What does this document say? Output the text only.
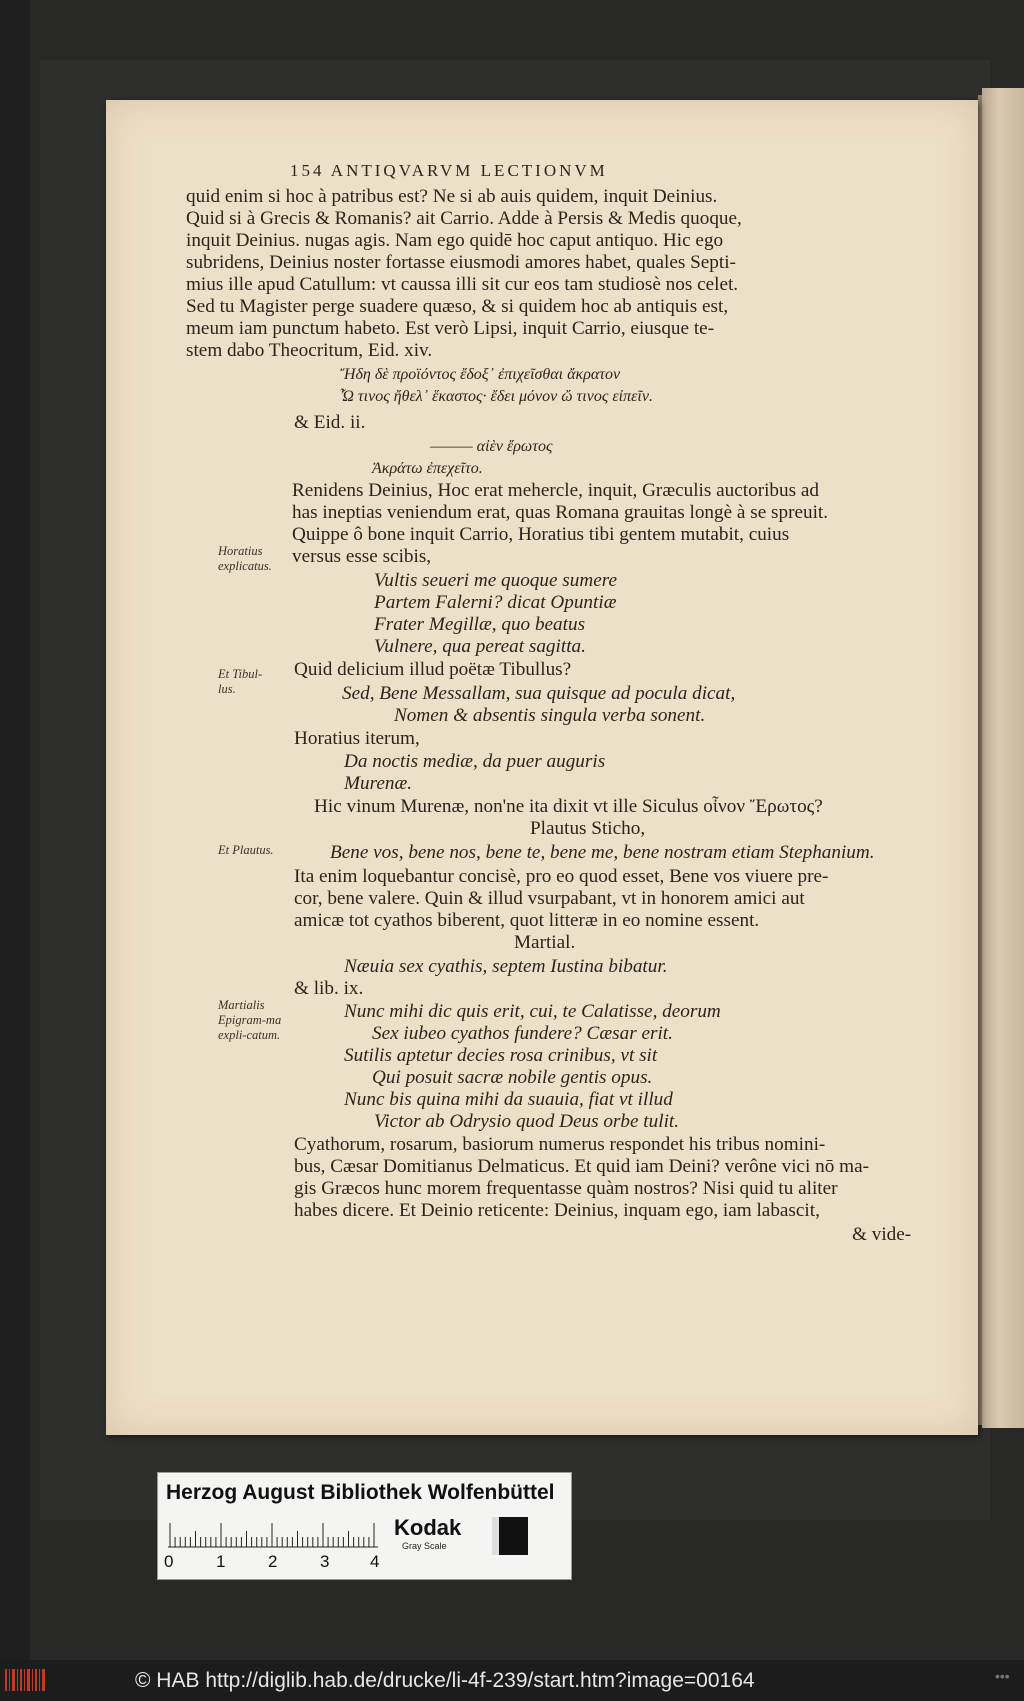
154 ANTIQVARVM LECTIONVM
quid enim si hoc à patribus est? Ne si ab auis quidem, inquit Deinius.
Quid si à Grecis & Romanis? ait Carrio. Adde à Persis & Medis quoque,
inquit Deinius. nugas agis. Nam ego quidē hoc caput antiquo. Hic ego
subridens, Deinius noster fortasse eiusmodi amores habet, quales Septi-
mius ille apud Catullum: vt caussa illi sit cur eos tam studiosè nos celet.
Sed tu Magister perge suadere quæso, & si quidem hoc ab antiquis est,
meum iam punctum habeto. Est verò Lipsi, inquit Carrio, eiusque te-
stem dabo Theocritum, Eid. xiv.
Ἤδη δὲ προϊόντος ἔδοξ᾽ ἐπιχεῖσθαι ἄκρατον
Ὦ τινος ἤθελ᾽ ἕκαστος· ἔδει μόνον ὤ τινος εἰπεῖν.
& Eid. ii.
——— αἰὲν ἔρωτος
Ἀκράτω ἐπεχεῖτο.
Renidens Deinius, Hoc erat mehercle, inquit, Græculis auctoribus ad
has ineptias veniendum erat, quas Romana grauitas longè à se spreuit.
Quippe ô bone inquit Carrio, Horatius tibi gentem mutabit, cuius
versus esse scibis,
Vultis seueri me quoque sumere
Partem Falerni? dicat Opuntiæ
Frater Megillæ, quo beatus
Vulnere, qua pereat sagitta.
Quid delicium illud poëtæ Tibullus?
Sed, Bene Messallam, sua quisque ad pocula dicat,
Nomen & absentis singula verba sonent.
Horatius iterum,
Da noctis mediæ, da puer auguris
Murenæ.
Hic vinum Murenæ, non'ne ita dixit vt ille Siculus οἶνον Ἔρωτος?
Plautus Sticho,
Bene vos, bene nos, bene te, bene me, bene nostram etiam Stephanium.
Ita enim loquebantur concisè, pro eo quod esset, Bene vos viuere pre-
cor, bene valere. Quin & illud vsurpabant, vt in honorem amici aut
amicæ tot cyathos biberent, quot litteræ in eo nomine essent.
Martial.
Næuia sex cyathis, septem Iustina bibatur.
& lib. ix.
Nunc mihi dic quis erit, cui, te Calatisse, deorum
Sex iubeo cyathos fundere? Cæsar erit.
Sutilis aptetur decies rosa crinibus, vt sit
Qui posuit sacræ nobile gentis opus.
Nunc bis quina mihi da suauia, fiat vt illud
Victor ab Odrysio quod Deus orbe tulit.
Cyathorum, rosarum, basiorum numerus respondet his tribus nomini-
bus, Cæsar Domitianus Delmaticus. Et quid iam Deini? verône vici nō ma-
gis Græcos hunc morem frequentasse quàm nostros? Nisi quid tu aliter
habes dicere. Et Deinio reticente: Deinius, inquam ego, iam labascit,
& vide-
Horatius explicatus.
Et Tibul-lus.
Et Plautus.
Martialis Epigram-ma expli-catum.
Herzog August Bibliothek Wolfenbüttel
0	1	2	3 4
Kodak
Gray Scale
© HAB http://diglib.hab.de/drucke/li-4f-239/start.htm?image=00164	•••
